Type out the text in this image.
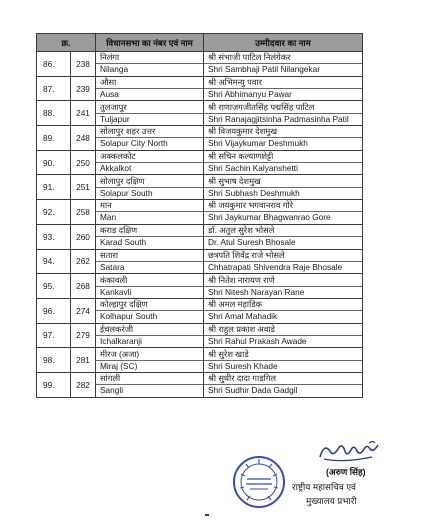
क्र.		विधानसभा का नंबर एवं नाम	उम्मीदवार का नाम
86.	238	निलंगा
Nilanga	श्री संभाजी पाटिल निलंगेकर
Shri Sambhaji Patil Nilangekar

87.	239	औसा
Ausa	श्री अभिमन्यु पवार
Shri Abhimanyu Pawar

88.	241	तुलजापुर
Tuljapur	श्री राणाजगजीतसिंह पद्मसिंह पाटिल
Shri Ranajagjitsinha Padmasinha Patil

89.	248	सोलापुर शहर उत्तर
Solapur City North	श्री विजयकुमार देशमुख
Shri Vijaykumar Deshmukh

90.	250	अक्कलकोट
Akkalkot	श्री सचिन कल्याणशेट्टी
Shri Sachin Kalyanshetti

91.	251	सोलापुर दक्षिण
Solapur South	श्री सुभाष देशमुख
Shri Subhash Deshmukh

92.	258	मान
Man	श्री जयकुमार भगवानराव गोरे
Shri Jaykumar Bhagwanrao Gore

93.	260	कराड दक्षिण
Karad South	डॉ. अतुल सुरेश भोसले
Dr. Atul Suresh Bhosale

94.	262	सतारा
Satara	छत्रपति शिवेंद्र राजे भोसले
Chhatrapati Shivendra Raje Bhosale

95.	268	कंकावली
Kankavli	श्री नितेश नारायण राणे
Shri Nitesh Narayan Rane

96.	274	कोल्हापुर दक्षिण
Kolhapur South	श्री अमल महाडिक
Shri Amal Mahadik

97.	279	ईचलकरंजी
Ichalkaranji	श्री राहुल प्रकाश अवाडे
Shri Rahul Prakash Awade

98.	281	मीरज (अजा)
Miraj (SC)	श्री सुरेश खाडे
Shri Suresh Khade

99.	282	सांगली
Sangli	श्री सुधीर दादा गाडगिल
Shri Sudhir Dada Gadgil
(अरुण सिंह)
राष्ट्रीय महासचिव एवं
मुख्यालय प्रभारी
